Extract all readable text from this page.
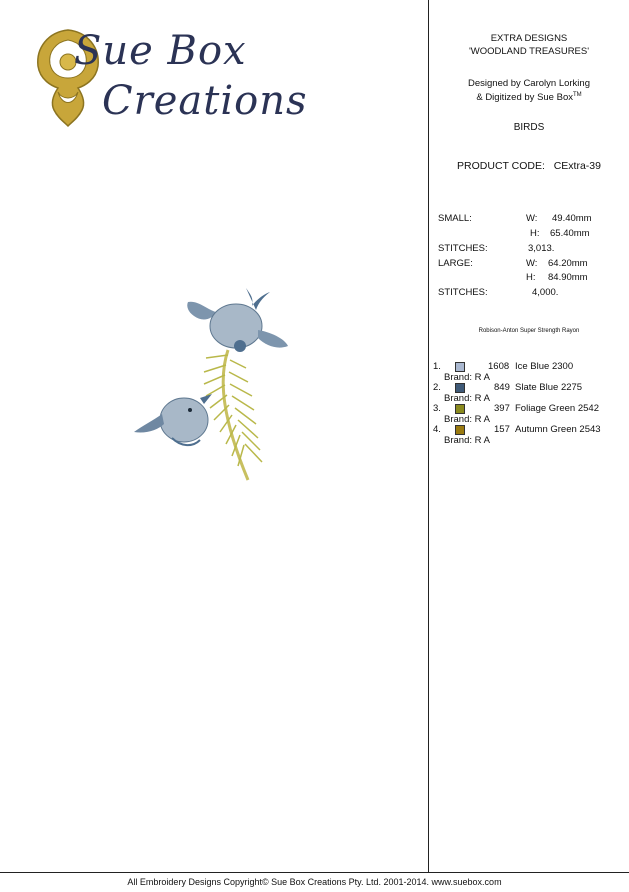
Sue Box
Creations
EXTRA DESIGNS
'WOODLAND TREASURES'
Designed by Carolyn Lorking
& Digitized by Sue Box™
BIRDS
PRODUCT CODE: CExtra-39
SMALL:	W: 49.40mm
H: 65.40mm
STITCHES:	3,013.
LARGE:	W: 64.20mm
H: 84.90mm
STITCHES:	4,000.
Robison-Anton Super Strength Rayon
1.	1608 Ice Blue 2300
Brand: R A
2.	849 Slate Blue 2275
Brand: R A
3.	397 Foliage Green 2542
Brand: R A
4.	157 Autumn Green 2543
Brand: R A
All Embroidery Designs Copyright© Sue Box Creations Pty. Ltd. 2001-2014. www.suebox.com
